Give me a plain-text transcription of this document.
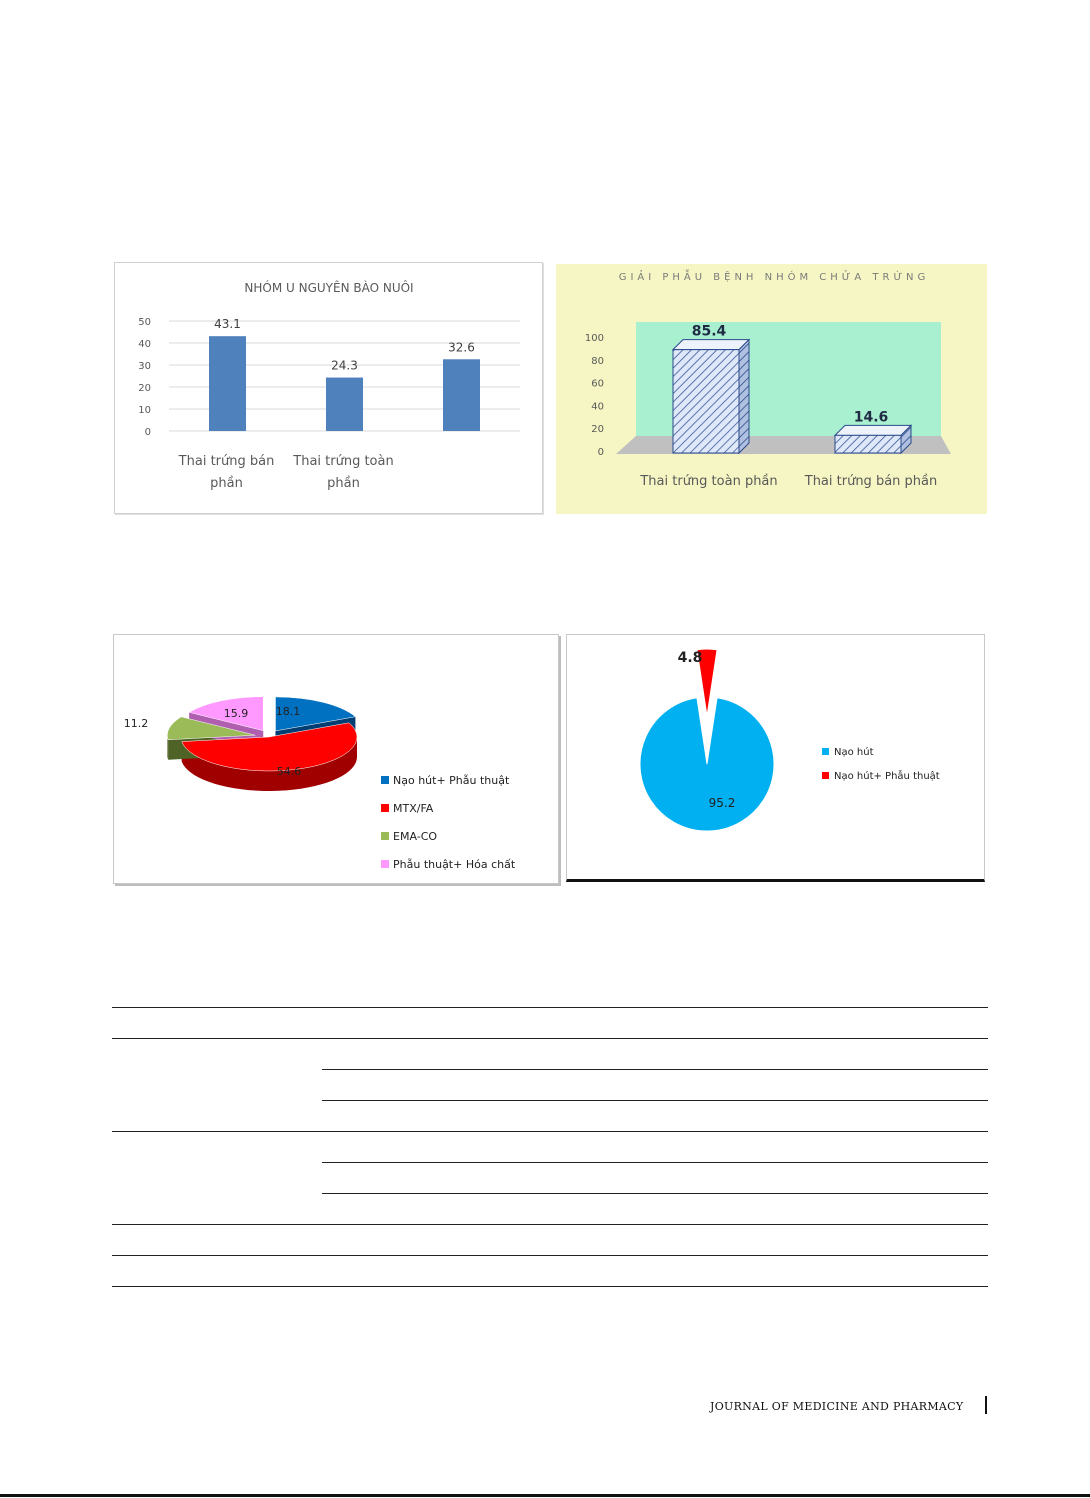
NHÓM U NGUYÊN BÀO NUÔI
0
10
20
30
40
50	43.1
Thai trứng bán
phần
24.3
Thai trứng toàn
phần
32.6
GIẢI PHẪU BỆNH NHÓM CHỬA TRỨNG
0
20
40
60
80
100	85.4
Thai trứng toàn phần
14.6
Thai trứng bán phần
18.1
54.6
11.2
15.9
Nạo hút+ Phẫu thuật
MTX/FA
EMA-CO
Phẫu thuật+ Hóa chất
95.2
4.8
Nạo hút
Nạo hút+ Phẫu thuật
JOURNAL OF MEDICINE AND PHARMACY
